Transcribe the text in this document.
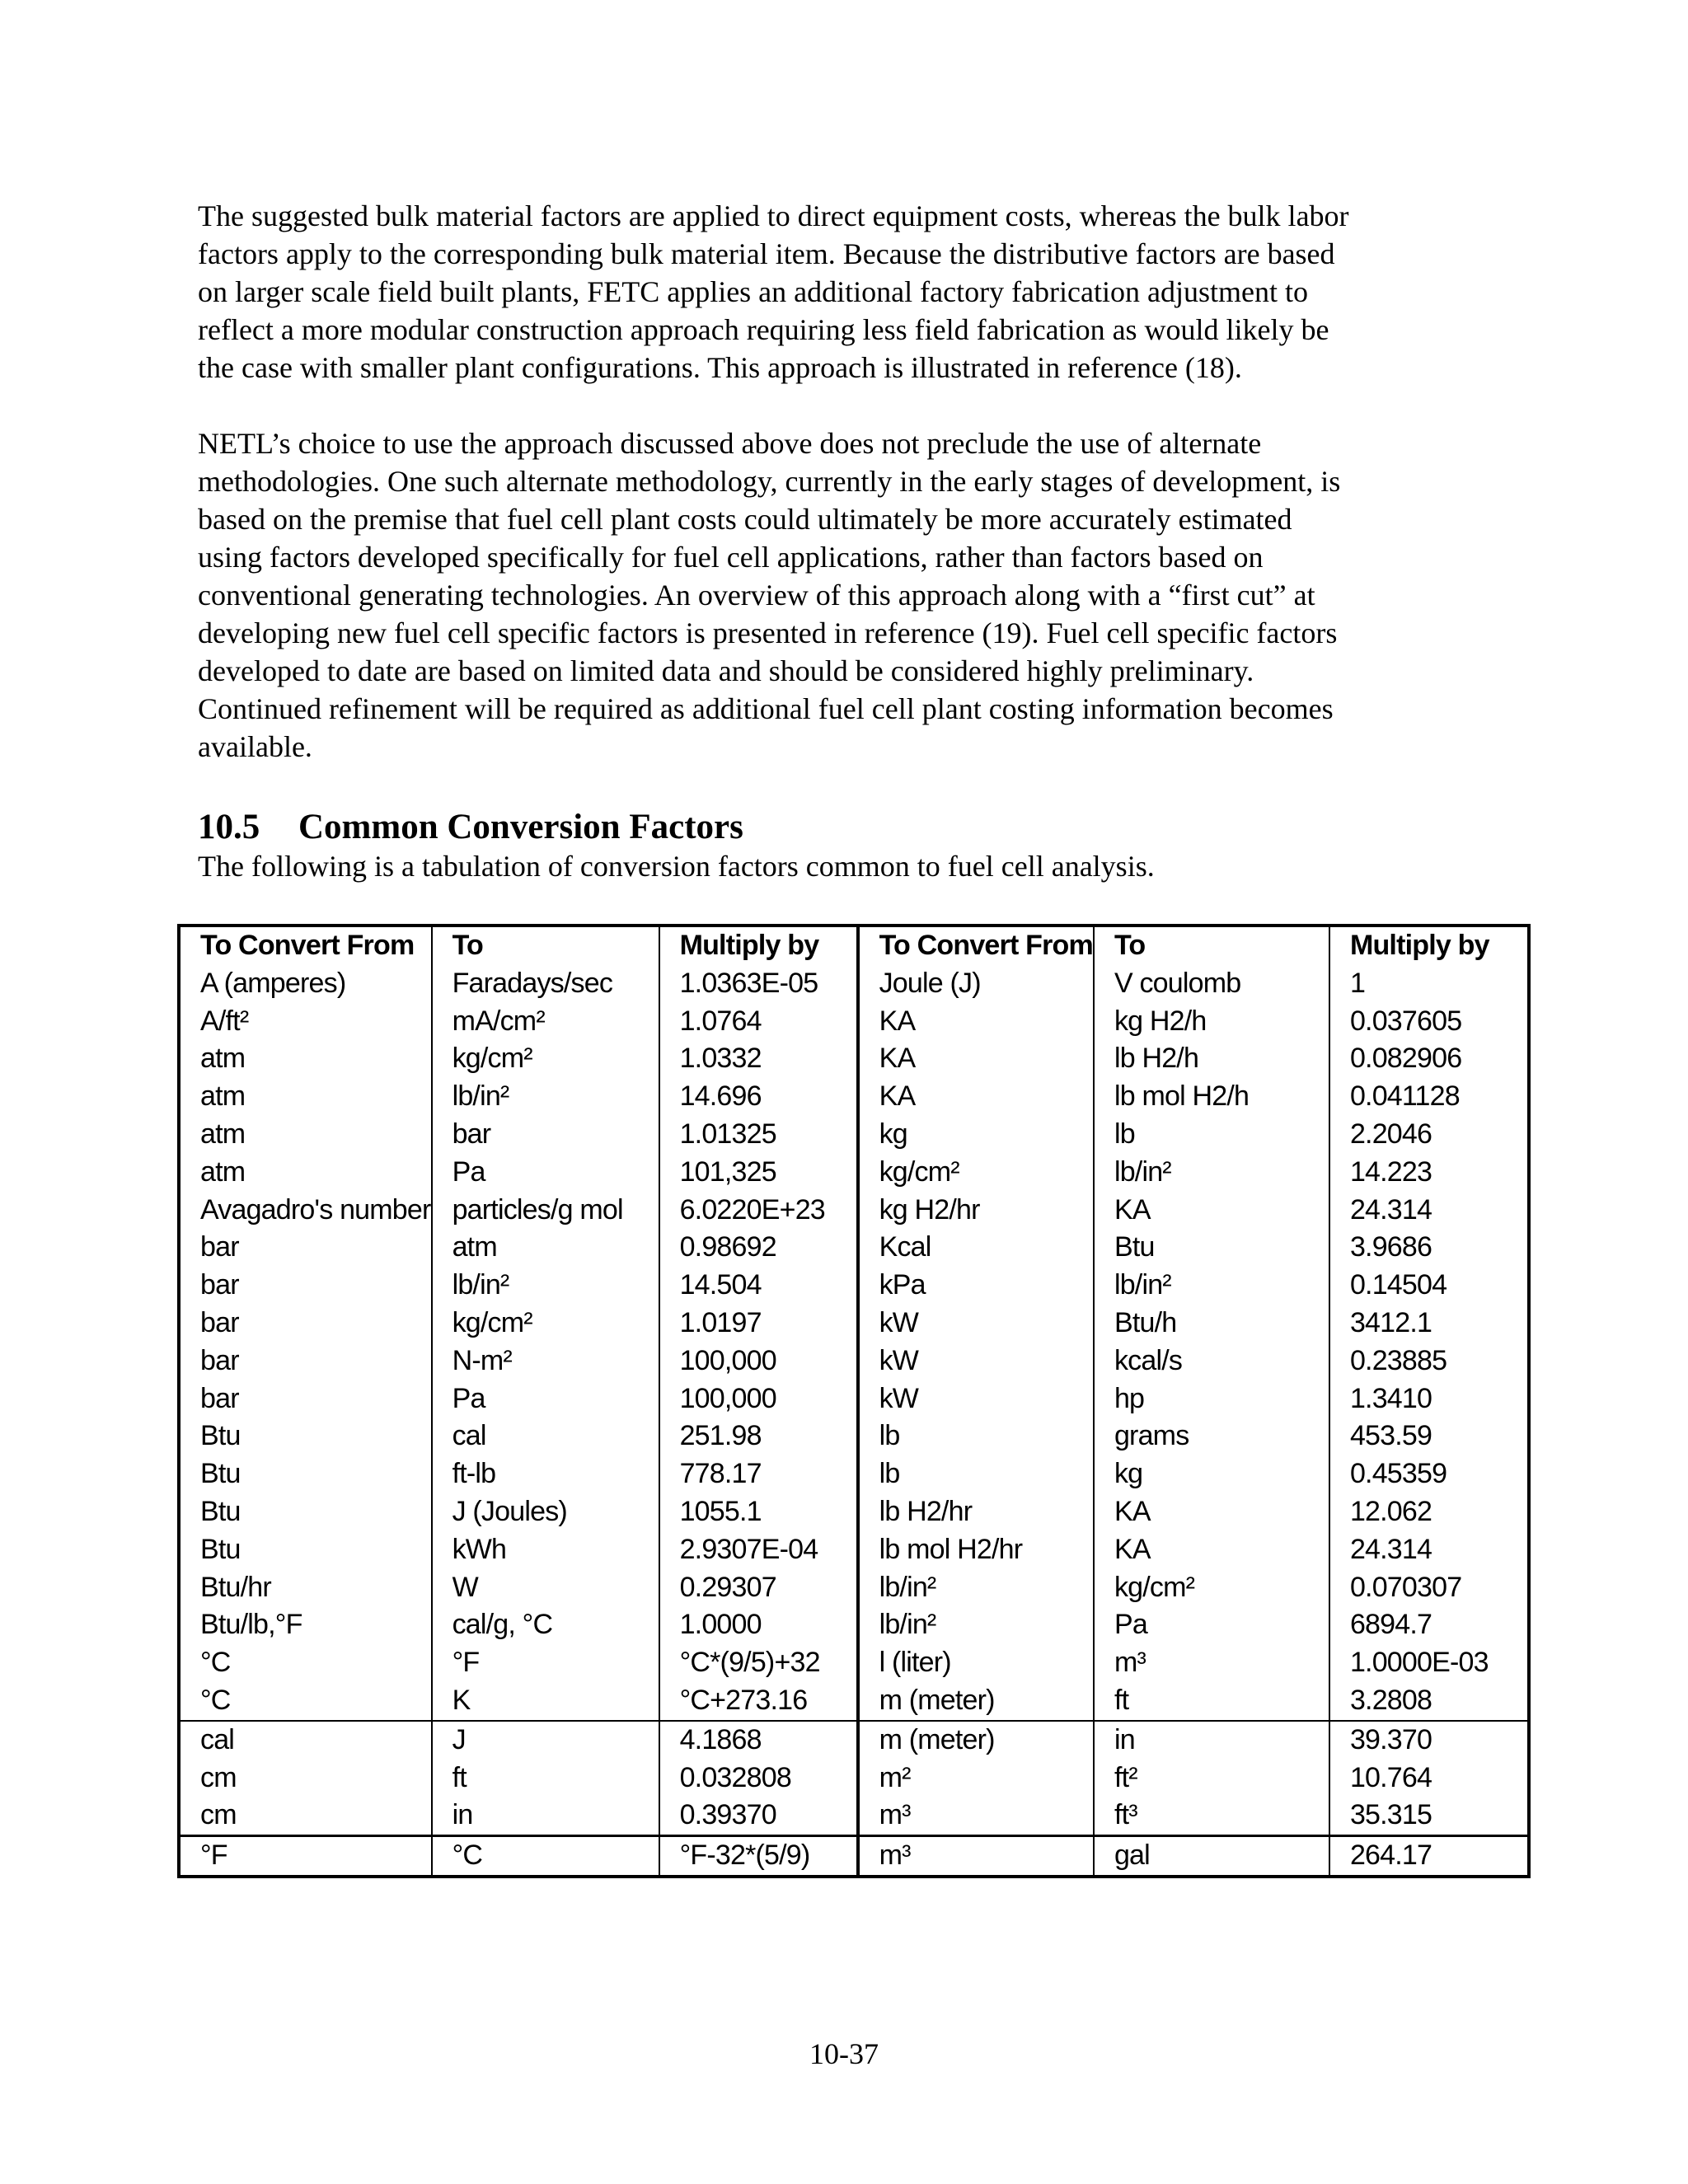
The suggested bulk material factors are applied to direct equipment costs, whereas the bulk labor
factors apply to the corresponding bulk material item. Because the distributive factors are based
on larger scale field built plants, FETC applies an additional factory fabrication adjustment to
reflect a more modular construction approach requiring less field fabrication as would likely be
the case with smaller plant configurations. This approach is illustrated in reference (18).
NETL’s choice to use the approach discussed above does not preclude the use of alternate
methodologies. One such alternate methodology, currently in the early stages of development, is
based on the premise that fuel cell plant costs could ultimately be more accurately estimated
using factors developed specifically for fuel cell applications, rather than factors based on
conventional generating technologies. An overview of this approach along with a “first cut” at
developing new fuel cell specific factors is presented in reference (19). Fuel cell specific factors
developed to date are based on limited data and should be considered highly preliminary.
Continued refinement will be required as additional fuel cell plant costing information becomes
available.
10.5 Common Conversion Factors

The following is a tabulation of conversion factors common to fuel cell analysis.

To Convert From	To	Multiply by	To Convert From	To	Multiply by
A (amperes)	Faradays/sec	1.0363E-05	Joule (J)	V coulomb	1
A/ft²	mA/cm²	1.0764	KA	kg H2/h	0.037605
atm	kg/cm²	1.0332	KA	lb H2/h	0.082906
atm	lb/in²	14.696	KA	lb mol H2/h	0.041128
atm	bar	1.01325	kg	lb	2.2046
atm	Pa	101,325	kg/cm²	lb/in²	14.223
Avagadro's number	particles/g mol	6.0220E+23	kg H2/hr	KA	24.314
bar	atm	0.98692	Kcal	Btu	3.9686
bar	lb/in²	14.504	kPa	lb/in²	0.14504
bar	kg/cm²	1.0197	kW	Btu/h	3412.1
bar	N-m²	100,000	kW	kcal/s	0.23885
bar	Pa	100,000	kW	hp	1.3410
Btu	cal	251.98	lb	grams	453.59
Btu	ft-lb	778.17	lb	kg	0.45359
Btu	J (Joules)	1055.1	lb H2/hr	KA	12.062
Btu	kWh	2.9307E-04	lb mol H2/hr	KA	24.314
Btu/hr	W	0.29307	lb/in²	kg/cm²	0.070307
Btu/lb,°F	cal/g, °C	1.0000	lb/in²	Pa	6894.7
°C	°F	°C*(9/5)+32	l (liter)	m³	1.0000E-03
°C	K	°C+273.16	m (meter)	ft	3.2808
cal	J	4.1868	m (meter)	in	39.370
cm	ft	0.032808	m²	ft²	10.764
cm	in	0.39370	m³	ft³	35.315
°F	°C	°F-32*(5/9)	m³	gal	264.17

10-37
